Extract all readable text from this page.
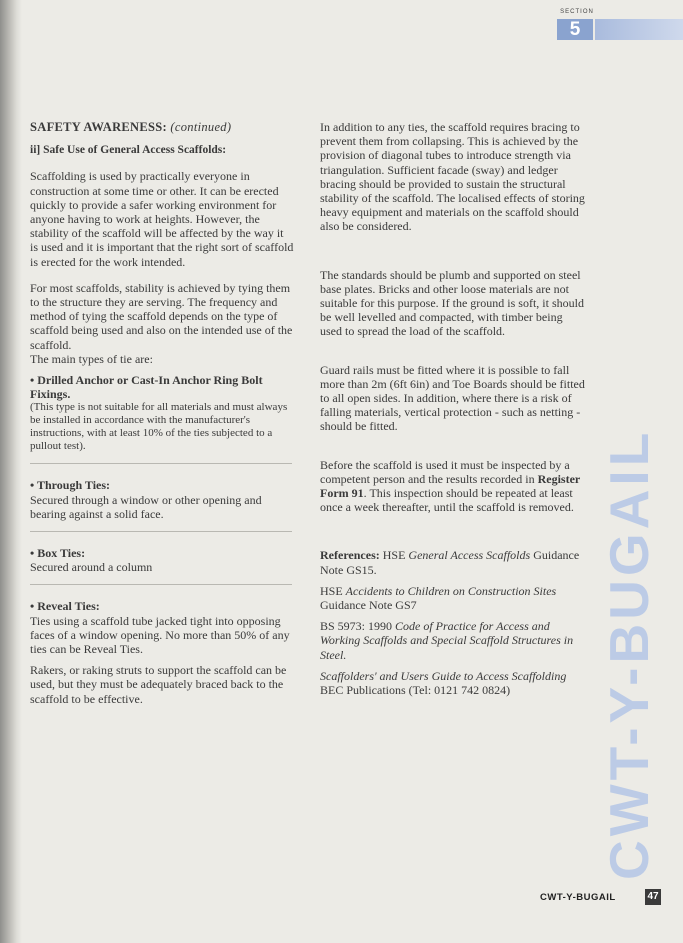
SECTION
5

SAFETY AWARENESS: (continued)

ii] Safe Use of General Access Scaffolds:

Scaffolding is used by practically everyone in construction at some time or other. It can be erected quickly to provide a safer working environment for anyone having to work at heights. However, the stability of the scaffold will be affected by the way it is used and it is important that the right sort of scaffold is erected for the work intended.

For most scaffolds, stability is achieved by tying them to the structure they are serving. The frequency and method of tying the scaffold depends on the type of scaffold being used and also on the intended use of the scaffold.

The main types of tie are:

• Drilled Anchor or Cast-In Anchor Ring Bolt Fixings.

(This type is not suitable for all materials and must always be installed in accordance with the manufacturer's instructions, with at least 10% of the ties subjected to a pullout test).

• Through Ties:

Secured through a window or other opening and bearing against a solid face.

• Box Ties:

Secured around a column

• Reveal Ties:

Ties using a scaffold tube jacked tight into opposing faces of a window opening. No more than 50% of any ties can be Reveal Ties.

Rakers, or raking struts to support the scaffold can be used, but they must be adequately braced back to the scaffold to be effective.

In addition to any ties, the scaffold requires bracing to prevent them from collapsing. This is achieved by the provision of diagonal tubes to introduce strength via triangulation. Sufficient facade (sway) and ledger bracing should be provided to sustain the structural stability of the scaffold. The localised effects of storing heavy equipment and materials on the scaffold should also be considered.

The standards should be plumb and supported on steel base plates. Bricks and other loose materials are not suitable for this purpose. If the ground is soft, it should be well levelled and compacted, with timber being used to spread the load of the scaffold.

Guard rails must be fitted where it is possible to fall more than 2m (6ft 6in) and Toe Boards should be fitted to all open sides. In addition, where there is a risk of falling materials, vertical protection - such as netting - should be fitted.

Before the scaffold is used it must be inspected by a competent person and the results recorded in Register Form 91. This inspection should be repeated at least once a week thereafter, until the scaffold is removed.

References: HSE General Access Scaffolds Guidance Note GS15.

HSE Accidents to Children on Construction Sites Guidance Note GS7

BS 5973: 1990 Code of Practice for Access and Working Scaffolds and Special Scaffold Structures in Steel.

Scaffolders' and Users Guide to Access Scaffolding BEC Publications (Tel: 0121 742 0824)	CWT-Y-BUGAIL
CWT-Y-BUGAIL	47
